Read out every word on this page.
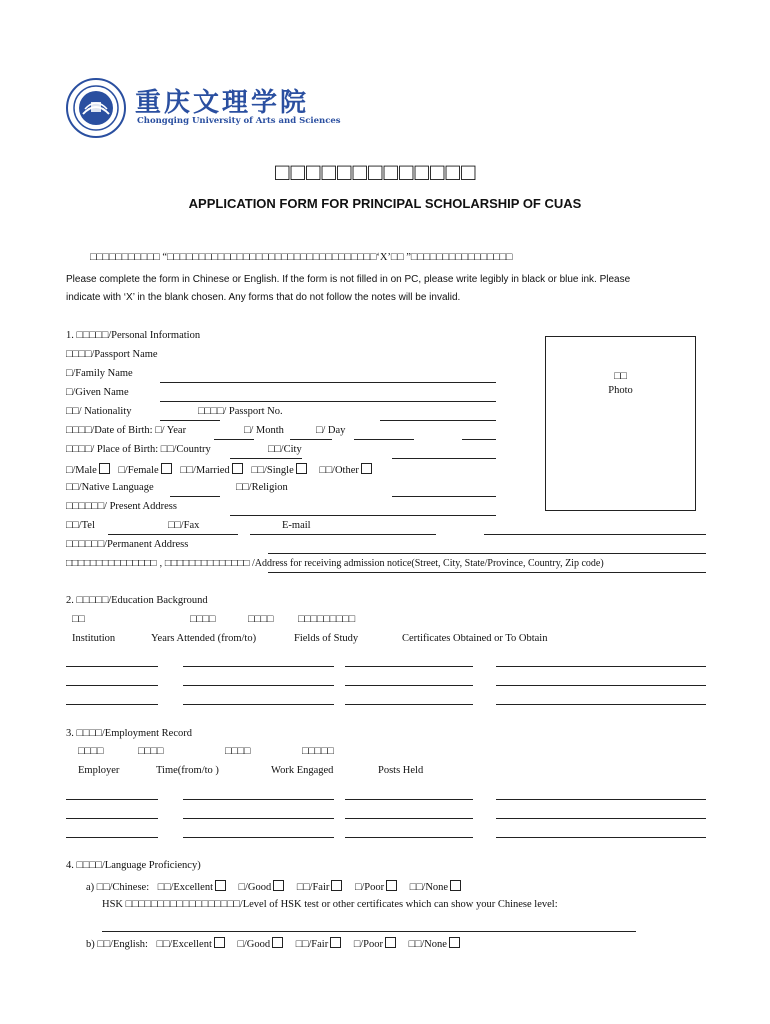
重庆文理学院
Chongqing University of Arts and Sciences
□□□□□□□□□□□□□
APPLICATION FORM FOR PRINCIPAL SCHOLARSHIP OF CUAS
□□□□□□□□□□□ “□□□□□□□□□□□□□□□□□□□□□□□□□□□□□□□□□‘X’□□ ”□□□□□□□□□□□□□□□□
Please complete the form in Chinese or English. If the form is not filled in on PC, please write legibly in black or blue ink. Please
indicate with ‘X’ in the blank chosen. Any forms that do not follow the notes will be invalid.
1. □□□□□/Personal Information
□□□□/Passport Name
□/Family Name
□/Given Name
□□/ Nationality	□□□□/ Passport No.
□□□□/Date of Birth: □/ Year	□/ Month	□/ Day
□□□□/ Place of Birth: □□/Country	□□/City
□/Male □/Female □□/Married □□/Single □□/Other
□□/Native Language	□□/Religion
□□□□□□/ Present Address
□□/Tel	□□/Fax	E-mail
□□□□□□/Permanent Address
□□□□□□□□□□□□□□□ ‚ □□□□□□□□□□□□□□ /Address for receiving admission notice(Street, City, State/Province, Country, Zip code)
□□
Photo
2. □□□□□/Education Background
□□	□□□□	□□□□ □□□□□□□□□
Institution	Years Attended (from/to)	Fields of Study	Certificates Obtained or To Obtain
3. □□□□/Employment Record
□□□□	□□□□	□□□□	□□□□□
Employer	Time(from/to )	Work Engaged	Posts Held
4. □□□□/Language Proficiency)
a) □□/Chinese: □□/Excellent □/Good □□/Fair □/Poor □□/None
HSK □□□□□□□□□□□□□□□□□□/Level of HSK test or other certificates which can show your Chinese level:
b) □□/English: □□/Excellent □/Good □□/Fair □/Poor □□/None
